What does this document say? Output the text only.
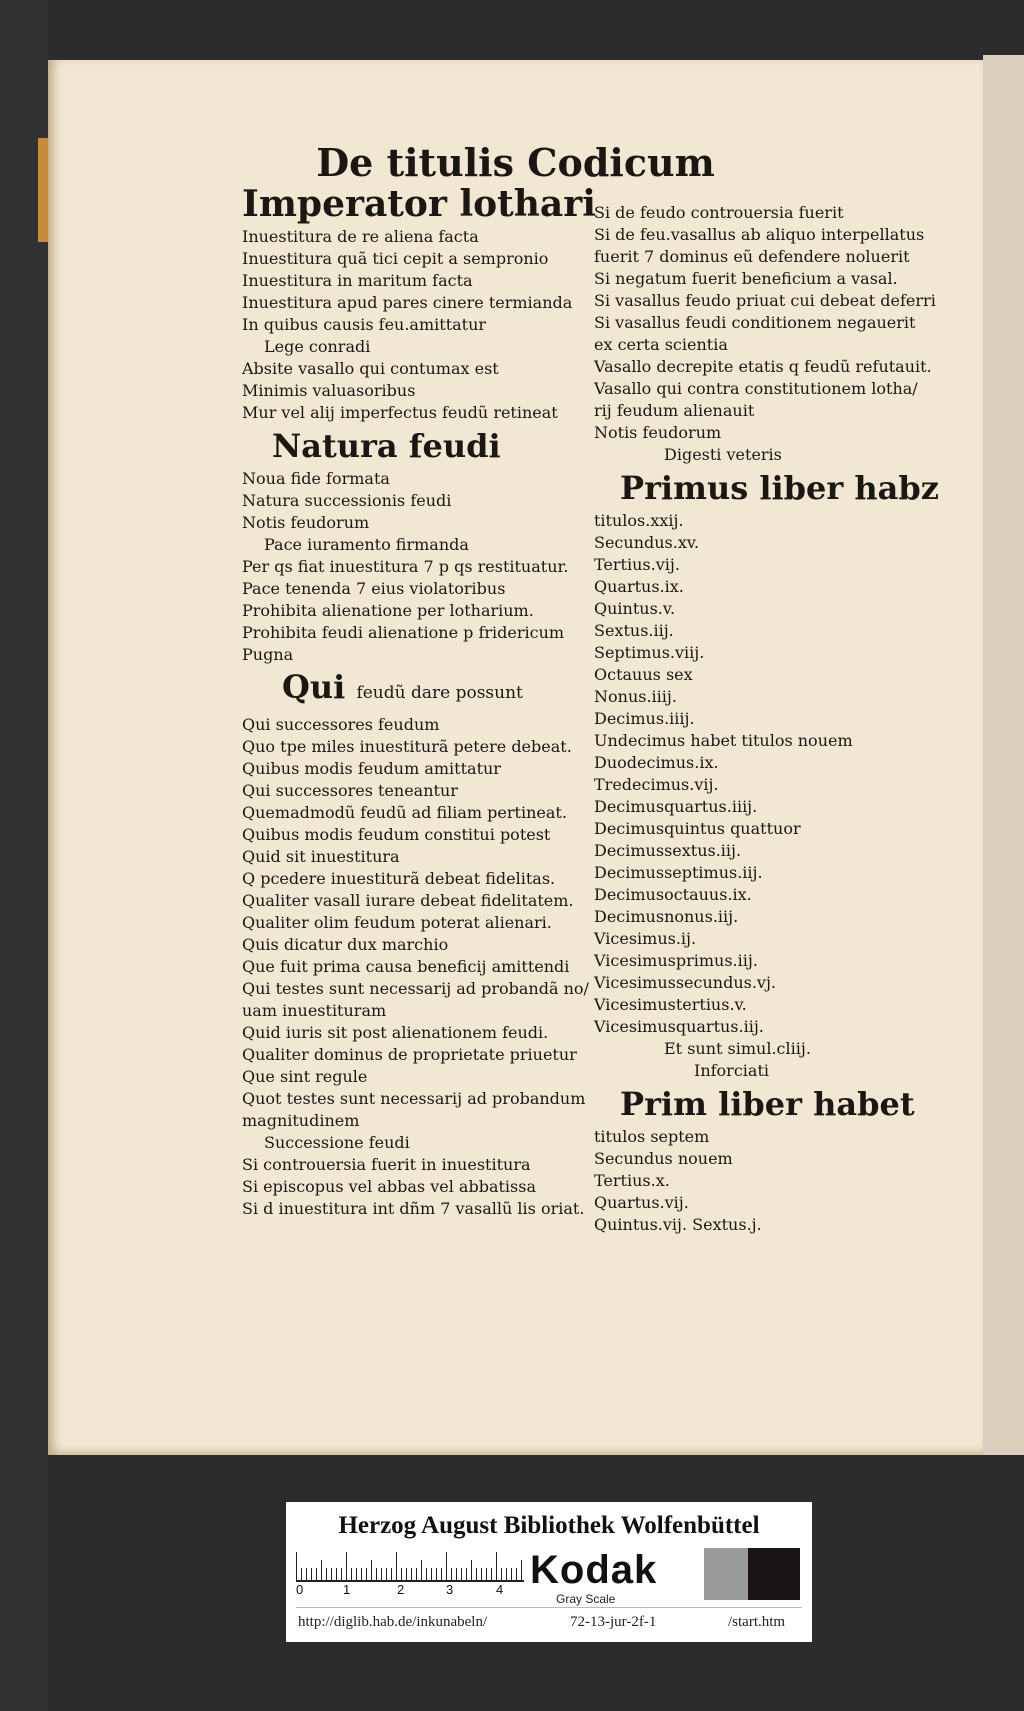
De titulis Codicum
Imperator lothari
Inuestitura de re aliena facta
Inuestitura quã tici cepit a sempronio
Inuestitura in maritum facta
Inuestitura apud pares cinere termianda
In quibus causis feu.amittatur
Lege conradi
Absite vasallo qui contumax est
Minimis valuasoribus
Mur vel alij imperfectus feudũ retineat
Natura feudi
Noua fide formata
Natura successionis feudi
Notis feudorum
Pace iuramento firmanda
Per qs fiat inuestitura 7 p qs restituatur.
Pace tenenda 7 eius violatoribus
Prohibita alienatione per lotharium.
Prohibita feudi alienatione p fridericum
Pugna
Qui feudũ dare possunt
Qui successores feudum
Quo tpe miles inuestiturã petere debeat.
Quibus modis feudum amittatur
Qui successores teneantur
Quemadmodũ feudũ ad filiam pertineat.
Quibus modis feudum constitui potest
Quid sit inuestitura
Q pcedere inuestiturã debeat fidelitas.
Qualiter vasall iurare debeat fidelitatem.
Qualiter olim feudum poterat alienari.
Quis dicatur dux marchio
Que fuit prima causa beneficij amittendi
Qui testes sunt necessarij ad probandã no/
uam inuestituram
Quid iuris sit post alienationem feudi.
Qualiter dominus de proprietate priuetur
Que sint regule
Quot testes sunt necessarij ad probandum
magnitudinem
Successione feudi
Si controuersia fuerit in inuestitura
Si episcopus vel abbas vel abbatissa
Si d inuestitura int dñm 7 vasallũ lis oriat.
Si de feudo controuersia fuerit
Si de feu.vasallus ab aliquo interpellatus
fuerit 7 dominus eũ defendere noluerit
Si negatum fuerit beneficium a vasal.
Si vasallus feudo priuat cui debeat deferri
Si vasallus feudi conditionem negauerit
ex certa scientia
Vasallo decrepite etatis q feudũ refutauit.
Vasallo qui contra constitutionem lotha/
rij feudum alienauit
Notis feudorum
Digesti veteris
Primus liber habz
titulos.xxij.
Secundus.xv.
Tertius.vij.
Quartus.ix.
Quintus.v.
Sextus.iij.
Septimus.viij.
Octauus sex
Nonus.iiij.
Decimus.iiij.
Undecimus habet titulos nouem
Duodecimus.ix.
Tredecimus.vij.
Decimusquartus.iiij.
Decimusquintus quattuor
Decimussextus.iij.
Decimusseptimus.iij.
Decimusoctauus.ix.
Decimusnonus.iij.
Vicesimus.ij.
Vicesimusprimus.iij.
Vicesimussecundus.vj.
Vicesimustertius.v.
Vicesimusquartus.iij.
Et sunt simul.cliij.
Inforciati
Prim liber habet
titulos septem
Secundus nouem
Tertius.x.
Quartus.vij.
Quintus.vij. Sextus.j.
Herzog August Bibliothek Wolfenbüttel
0	1	2	3	4 Kodak
Gray Scale
http://diglib.hab.de/inkunabeln/	72-13-jur-2f-1	/start.htm
